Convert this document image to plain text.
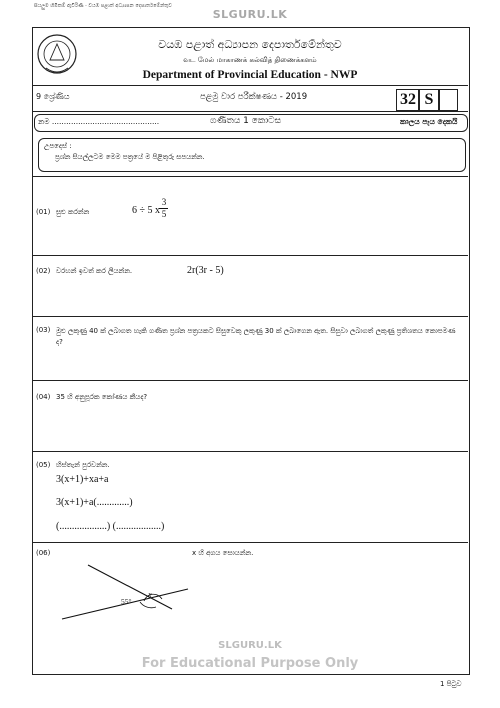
සියලුම හිමිකම් ඇවිරිණි - වයඹ පළාත් අධ්‍යාපන දෙපාර්තමේන්තුව
SLGURU.LK
වයඹ පළාත් අධ්‍යාපන දෙපාර්තමේන්තුව
வட மேல் மாகாணக் கல்வித் திணைக்களம்
Department of Provincial Education - NWP
9 ශ්‍රේණිය	පළමු වාර පරීක්ෂණය - 2019	32 S
නම .............................................	ගණිතය 1 කොටස	කාලය පැය දෙකයි
උපදෙස් :
ප්‍රශ්න සියල්ලටම මෙම පත්‍රයේ ම පිළිතුරු සපයන්න.
(01) සුළු කරන්න	6 ÷ 5 x
3
5
(02) වරහන් ඉවත් කර ලියන්න.	2r(3r - 5)
(03) මුළු ලකුණු 40 ක් ලබාගත හැකි ගණිත ප්‍රශ්න පත්‍රයකට සිසුවෙකු ලකුණු 30 ක් ලබාගෙන ඇත. සිසුවා ලබාගත් ලකුණු ප්‍රතිශතය කොපමණ ද?
(04) 35 හි අනුපූරක කෝණය කීයද?
(05) හිස්තැන් පුරවන්න.
3(x+1)+xa+a
3(x+1)+a(.............)
(...................) (..................)
(06)	x හි අගය සොයන්න.
x
55°
SLGURU.LK
For Educational Purpose Only
1 පිටුව
